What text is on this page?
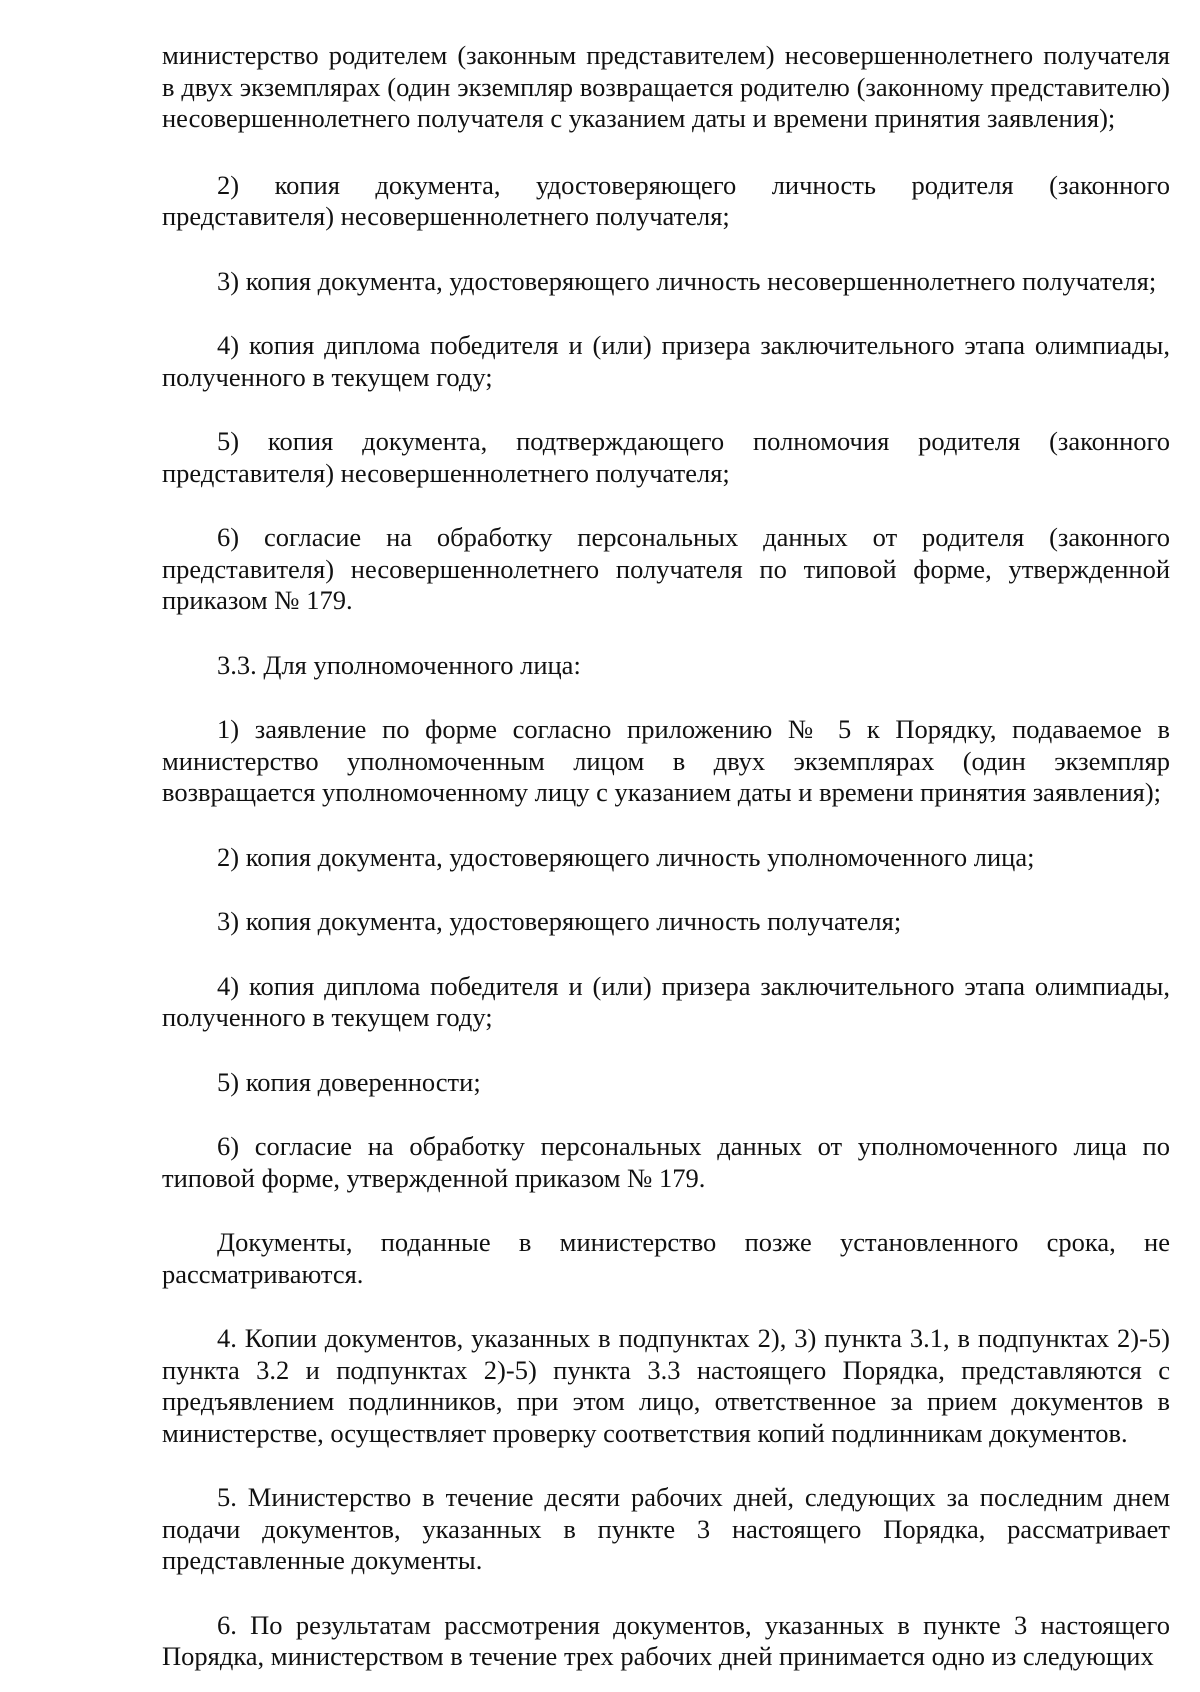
министерство родителем (законным представителем) несовершеннолетнего получателя в двух экземплярах (один экземпляр возвращается родителю (законному представителю) несовершеннолетнего получателя с указанием даты и времени принятия заявления);

2) копия документа, удостоверяющего личность родителя (законного представителя) несовершеннолетнего получателя;

3) копия документа, удостоверяющего личность несовершеннолетнего получателя;

4) копия диплома победителя и (или) призера заключительного этапа олимпиады, полученного в текущем году;

5) копия документа, подтверждающего полномочия родителя (законного представителя) несовершеннолетнего получателя;

6) согласие на обработку персональных данных от родителя (законного представителя) несовершеннолетнего получателя по типовой форме, утвержденной приказом № 179.

3.3. Для уполномоченного лица:

1) заявление по форме согласно приложению № 5 к Порядку, подаваемое в министерство уполномоченным лицом в двух экземплярах (один экземпляр возвращается уполномоченному лицу с указанием даты и времени принятия заявления);

2) копия документа, удостоверяющего личность уполномоченного лица;

3) копия документа, удостоверяющего личность получателя;

4) копия диплома победителя и (или) призера заключительного этапа олимпиады, полученного в текущем году;

5) копия доверенности;

6) согласие на обработку персональных данных от уполномоченного лица по типовой форме, утвержденной приказом № 179.

Документы, поданные в министерство позже установленного срока, не рассматриваются.

4. Копии документов, указанных в подпунктах 2), 3) пункта 3.1, в подпунктах 2)-5) пункта 3.2 и подпунктах 2)-5) пункта 3.3 настоящего Порядка, представляются с предъявлением подлинников, при этом лицо, ответственное за прием документов в министерстве, осуществляет проверку соответствия копий подлинникам документов.

5. Министерство в течение десяти рабочих дней, следующих за последним днем подачи документов, указанных в пункте 3 настоящего Порядка, рассматривает представленные документы.

6. По результатам рассмотрения документов, указанных в пункте 3 настоящего Порядка, министерством в течение трех рабочих дней принимается одно из следующих
